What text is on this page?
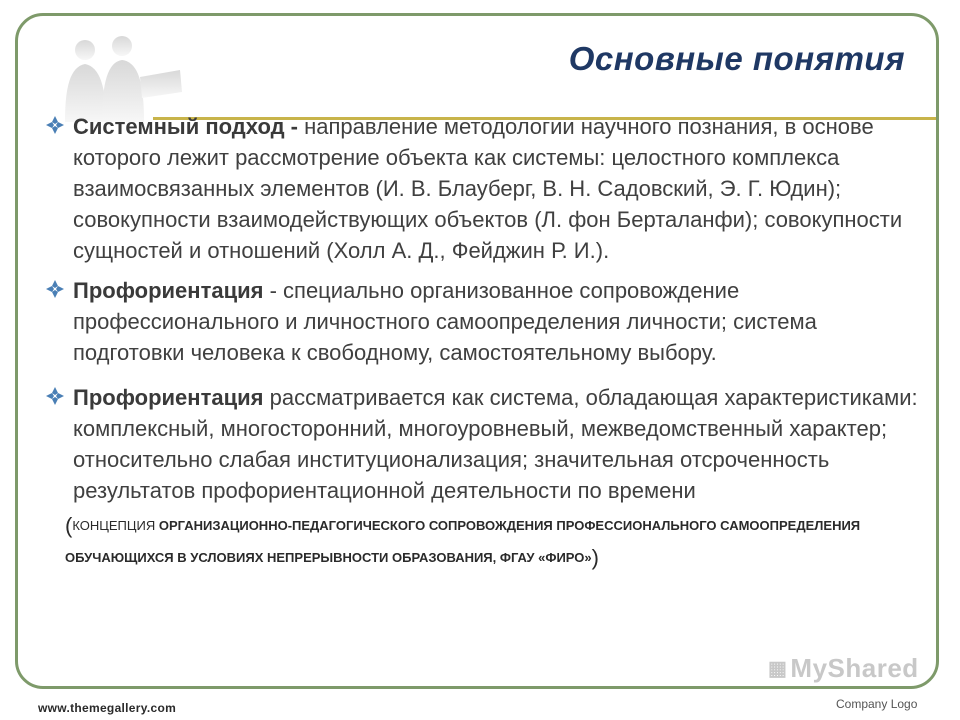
Основные понятия

Системный подход - направление методологии научного познания, в основе которого лежит рассмотрение объекта как системы: целостного комплекса взаимосвязанных элементов (И. В. Блауберг, В. Н. Садовский, Э. Г. Юдин); совокупности взаимодействующих объектов (Л. фон Берталанфи); совокупности сущностей и отношений (Холл А. Д., Фейджин Р. И.).

Профориентация - специально организованное сопровождение профессионального и личностного самоопределения личности; система подготовки человека к свободному, самостоятельному выбору.

Профориентация рассматривается как система, обладающая характеристиками: комплексный, многосторонний, многоуровневый, межведомственный характер; относительно слабая институционализация; значительная отсроченность результатов профориентационной деятельности по времени

(КОНЦЕПЦИЯ ОРГАНИЗАЦИОННО-ПЕДАГОГИЧЕСКОГО СОПРОВОЖДЕНИЯ ПРОФЕССИОНАЛЬНОГО САМООПРЕДЕЛЕНИЯ ОБУЧАЮЩИХСЯ В УСЛОВИЯХ НЕПРЕРЫВНОСТИ ОБРАЗОВАНИЯ, ФГАУ «ФИРО»)
▦ MyShared
www.themegallery.com	Company Logo
